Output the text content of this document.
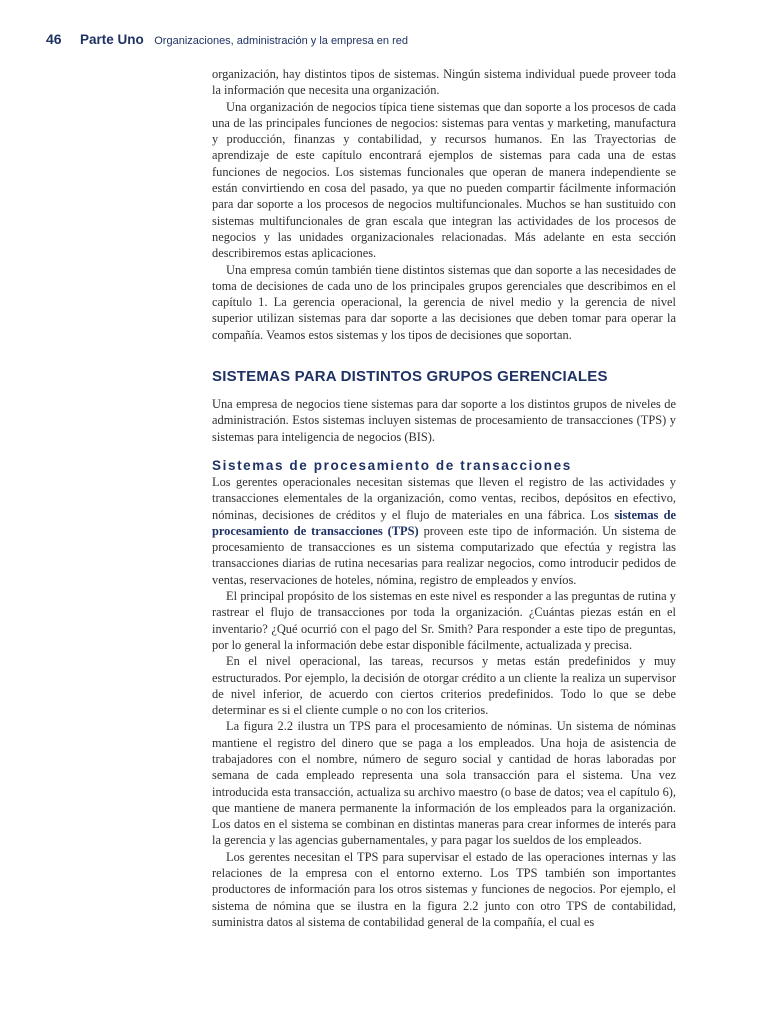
46 Parte Uno Organizaciones, administración y la empresa en red

organización, hay distintos tipos de sistemas. Ningún sistema individual puede proveer toda la información que necesita una organización.

Una organización de negocios típica tiene sistemas que dan soporte a los procesos de cada una de las principales funciones de negocios: sistemas para ventas y marketing, manufactura y producción, finanzas y contabilidad, y recursos humanos. En las Trayectorias de aprendizaje de este capítulo encontrará ejemplos de sistemas para cada una de estas funciones de negocios. Los sistemas funcionales que operan de manera independiente se están convirtiendo en cosa del pasado, ya que no pueden compartir fácilmente información para dar soporte a los procesos de negocios multifuncionales. Muchos se han sustituido con sistemas multifuncionales de gran escala que integran las actividades de los procesos de negocios y las unidades organizacionales relacionadas. Más adelante en esta sección describiremos estas aplicaciones.

Una empresa común también tiene distintos sistemas que dan soporte a las necesidades de toma de decisiones de cada uno de los principales grupos gerenciales que describimos en el capítulo 1. La gerencia operacional, la gerencia de nivel medio y la gerencia de nivel superior utilizan sistemas para dar soporte a las decisiones que deben tomar para operar la compañía. Veamos estos sistemas y los tipos de decisiones que soportan.

SISTEMAS PARA DISTINTOS GRUPOS GERENCIALES

Una empresa de negocios tiene sistemas para dar soporte a los distintos grupos de niveles de administración. Estos sistemas incluyen sistemas de procesamiento de transacciones (TPS) y sistemas para inteligencia de negocios (BIS).

Sistemas de procesamiento de transacciones

Los gerentes operacionales necesitan sistemas que lleven el registro de las actividades y transacciones elementales de la organización, como ventas, recibos, depósitos en efectivo, nóminas, decisiones de créditos y el flujo de materiales en una fábrica. Los sistemas de procesamiento de transacciones (TPS) proveen este tipo de información. Un sistema de procesamiento de transacciones es un sistema computarizado que efectúa y registra las transacciones diarias de rutina necesarias para realizar negocios, como introducir pedidos de ventas, reservaciones de hoteles, nómina, registro de empleados y envíos.

El principal propósito de los sistemas en este nivel es responder a las preguntas de rutina y rastrear el flujo de transacciones por toda la organización. ¿Cuántas piezas están en el inventario? ¿Qué ocurrió con el pago del Sr. Smith? Para responder a este tipo de preguntas, por lo general la información debe estar disponible fácilmente, actualizada y precisa.

En el nivel operacional, las tareas, recursos y metas están predefinidos y muy estructurados. Por ejemplo, la decisión de otorgar crédito a un cliente la realiza un supervisor de nivel inferior, de acuerdo con ciertos criterios predefinidos. Todo lo que se debe determinar es si el cliente cumple o no con los criterios.

La figura 2.2 ilustra un TPS para el procesamiento de nóminas. Un sistema de nóminas mantiene el registro del dinero que se paga a los empleados. Una hoja de asistencia de trabajadores con el nombre, número de seguro social y cantidad de horas laboradas por semana de cada empleado representa una sola transacción para el sistema. Una vez introducida esta transacción, actualiza su archivo maestro (o base de datos; vea el capítulo 6), que mantiene de manera permanente la información de los empleados para la organización. Los datos en el sistema se combinan en distintas maneras para crear informes de interés para la gerencia y las agencias gubernamentales, y para pagar los sueldos de los empleados.

Los gerentes necesitan el TPS para supervisar el estado de las operaciones internas y las relaciones de la empresa con el entorno externo. Los TPS también son importantes productores de información para los otros sistemas y funciones de negocios. Por ejemplo, el sistema de nómina que se ilustra en la figura 2.2 junto con otro TPS de contabilidad, suministra datos al sistema de contabilidad general de la compañía, el cual es
